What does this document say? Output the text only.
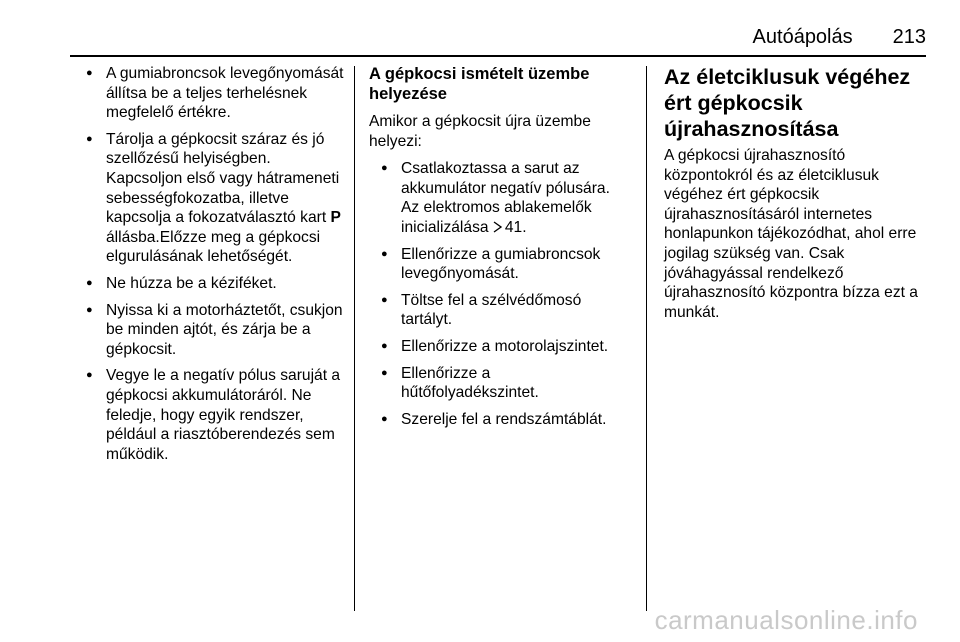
Autóápolás 213
● A gumiabroncsok levegőnyomását állítsa be a teljes terhelésnek megfelelő értékre.
● Tárolja a gépkocsit száraz és jó szellőzésű helyiségben. Kapcsoljon első vagy hátrameneti sebességfokozatba, illetve kapcsolja a fokozatválasztó kart P állásba.Előzze meg a gépkocsi elgurulásának lehetőségét.
● Ne húzza be a kéziféket.
● Nyissa ki a motorháztetőt, csukjon be minden ajtót, és zárja be a gépkocsit.
● Vegye le a negatív pólus saruját a gépkocsi akkumulátoráról. Ne feledje, hogy egyik rendszer, például a riasztóberendezés sem működik.
A gépkocsi ismételt üzembe helyezése

Amikor a gépkocsit újra üzembe helyezi:

● Csatlakoztassa a sarut az akkumulátor negatív pólusára. Az elektromos ablakemelők inicializálása 41.
● Ellenőrizze a gumiabroncsok levegőnyomását.
● Töltse fel a szélvédőmosó tartályt.
● Ellenőrizze a motorolajszintet.
● Ellenőrizze a hűtőfolyadékszintet.
● Szerelje fel a rendszámtáblát.
Az életciklusuk végéhez ért gépkocsik újrahasznosítása

A gépkocsi újrahasznosító központokról és az életciklusuk végéhez ért gépkocsik újrahasznosításáról internetes honlapunkon tájékozódhat, ahol erre jogilag szükség van. Csak jóváhagyással rendelkező újrahasznosító központra bízza ezt a munkát.

carmanualsonline.info
